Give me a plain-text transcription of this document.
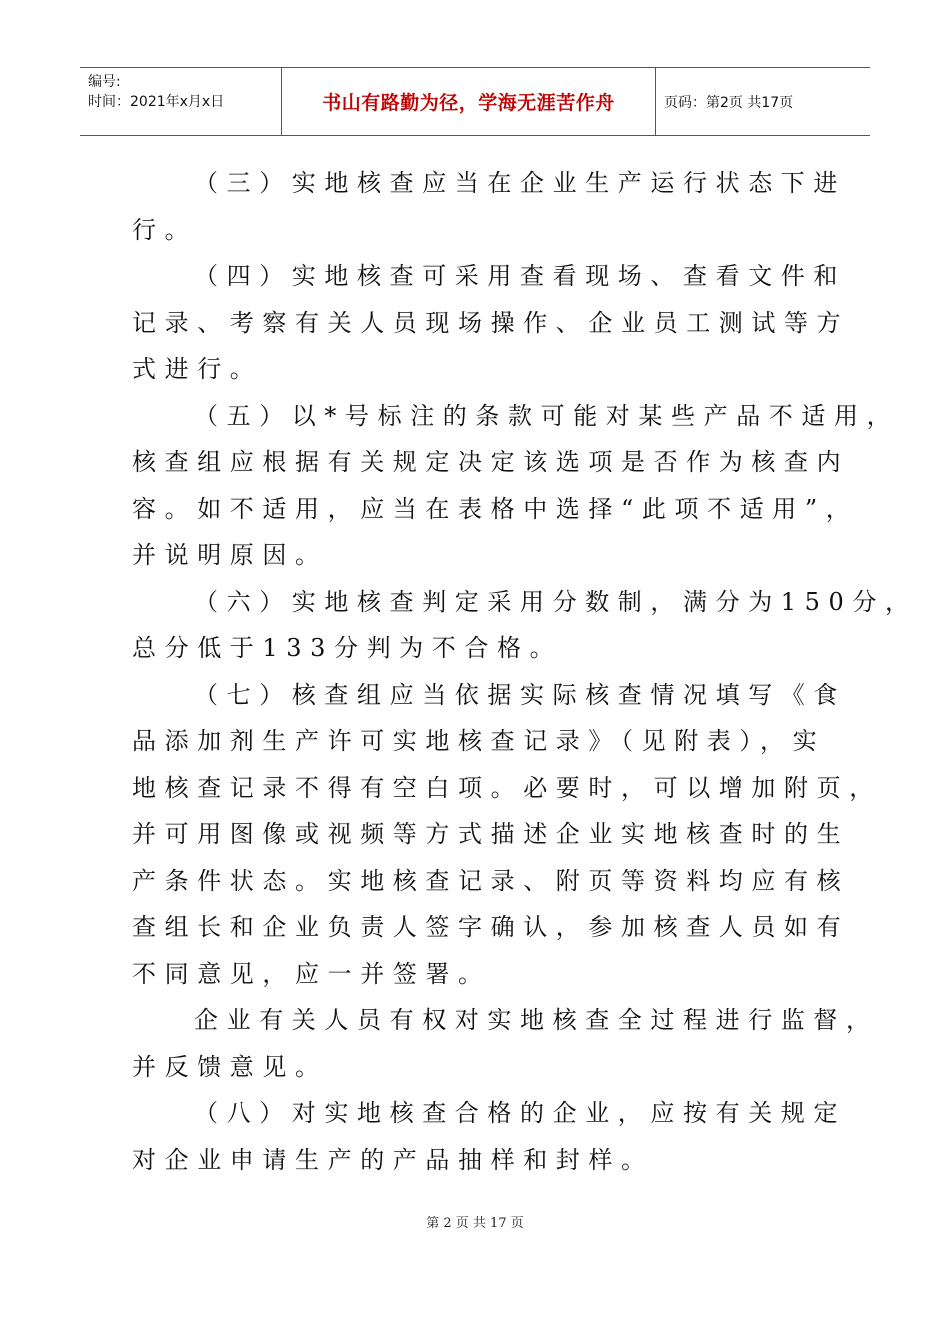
编号:
时间：2021年x月x日	书山有路勤为径，学海无涯苦作舟	页码：第2页 共17页

（三）实地核查应当在企业生产运行状态下进
行。

（四）实地核查可采用查看现场、查看文件和
记录、考察有关人员现场操作、企业员工测试等方
式进行。

（五）以*号标注的条款可能对某些产品不适用，
核查组应根据有关规定决定该选项是否作为核查内
容。如不适用，应当在表格中选择“此项不适用”，
并说明原因。

（六）实地核查判定采用分数制，满分为150分，
总分低于133分判为不合格。

（七）核查组应当依据实际核查情况填写《食
品添加剂生产许可实地核查记录》（见附表），实
地核查记录不得有空白项。必要时，可以增加附页，
并可用图像或视频等方式描述企业实地核查时的生
产条件状态。实地核查记录、附页等资料均应有核
查组长和企业负责人签字确认，参加核查人员如有
不同意见，应一并签署。

企业有关人员有权对实地核查全过程进行监督，
并反馈意见。

（八）对实地核查合格的企业，应按有关规定
对企业申请生产的产品抽样和封样。

第 2 页 共 17 页
